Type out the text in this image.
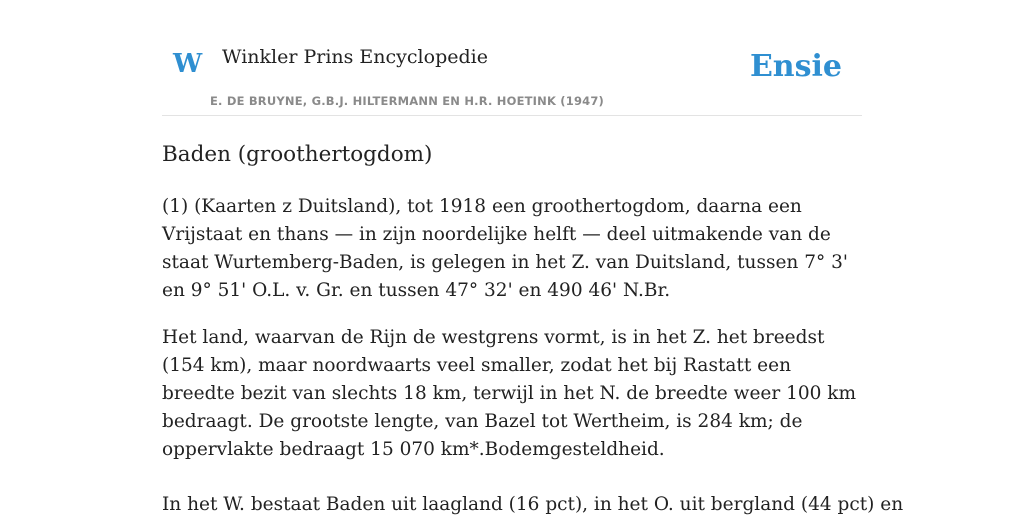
W Winkler Prins Encyclopedie
E. DE BRUYNE, G.B.J. HILTERMANN EN H.R. HOETINK (1947)
Ensie
Baden (groothertogdom)

(1) (Kaarten z Duitsland), tot 1918 een groothertogdom, daarna een Vrijstaat en thans — in zijn noordelijke helft — deel uitmakende van de staat Wurtemberg-Baden, is gelegen in het Z. van Duitsland, tussen 7° 3' en 9° 51' O.L. v. Gr. en tussen 47° 32' en 490 46' N.Br.

Het land, waarvan de Rijn de westgrens vormt, is in het Z. het breedst (154 km), maar noordwaarts veel smaller, zodat het bij Rastatt een breedte bezit van slechts 18 km, terwijl in het N. de breedte weer 100 km bedraagt. De grootste lengte, van Bazel tot Wertheim, is 284 km; de oppervlakte bedraagt 15 070 km*.Bodemgesteldheid.

In het W. bestaat Baden uit laagland (16 pct), in het O. uit bergland (44 pct) en
